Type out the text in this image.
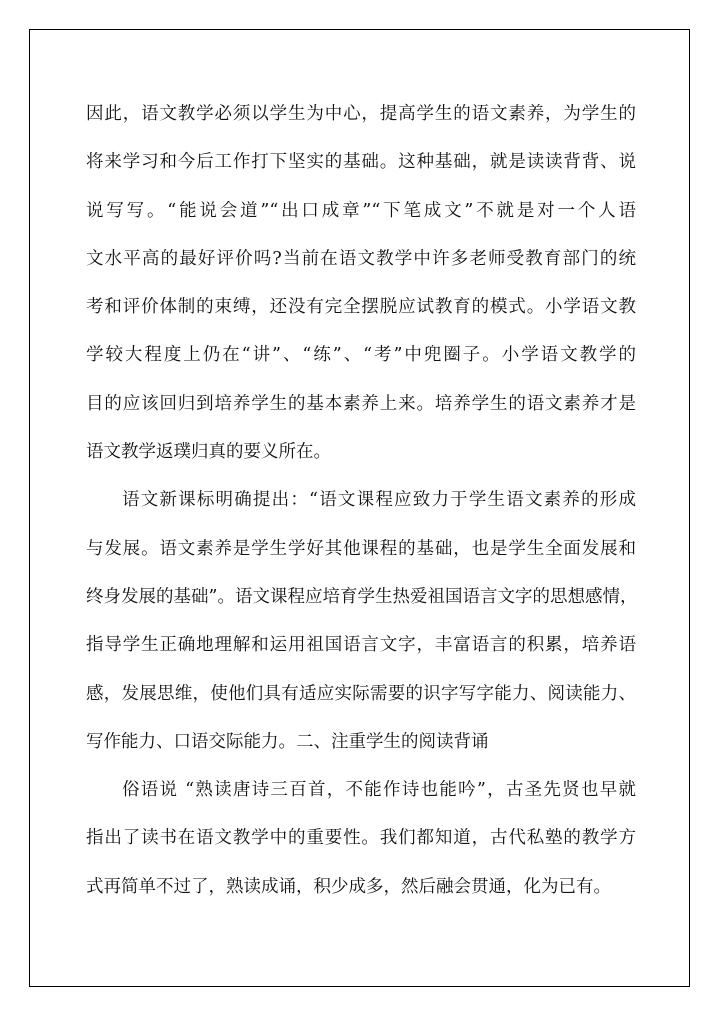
因此，语文教学必须以学生为中心，提高学生的语文素养，为学生的
将来学习和今后工作打下坚实的基础。这种基础，就是读读背背、说
说写写。“能说会道”“出口成章”“下笔成文”不就是对一个人语
文水平高的最好评价吗?当前在语文教学中许多老师受教育部门的统
考和评价体制的束缚，还没有完全摆脱应试教育的模式。小学语文教
学较大程度上仍在“讲”、“练”、“考”中兜圈子。小学语文教学的
目的应该回归到培养学生的基本素养上来。培养学生的语文素养才是
语文教学返璞归真的要义所在。
语文新课标明确提出：“语文课程应致力于学生语文素养的形成
与发展。语文素养是学生学好其他课程的基础，也是学生全面发展和
终身发展的基础”。语文课程应培育学生热爱祖国语言文字的思想感情，
指导学生正确地理解和运用祖国语言文字，丰富语言的积累，培养语
感，发展思维，使他们具有适应实际需要的识字写字能力、阅读能力、
写作能力、口语交际能力。二、注重学生的阅读背诵
俗语说 “熟读唐诗三百首，不能作诗也能吟”，古圣先贤也早就
指出了读书在语文教学中的重要性。我们都知道，古代私塾的教学方
式再简单不过了，熟读成诵，积少成多，然后融会贯通，化为已有。
